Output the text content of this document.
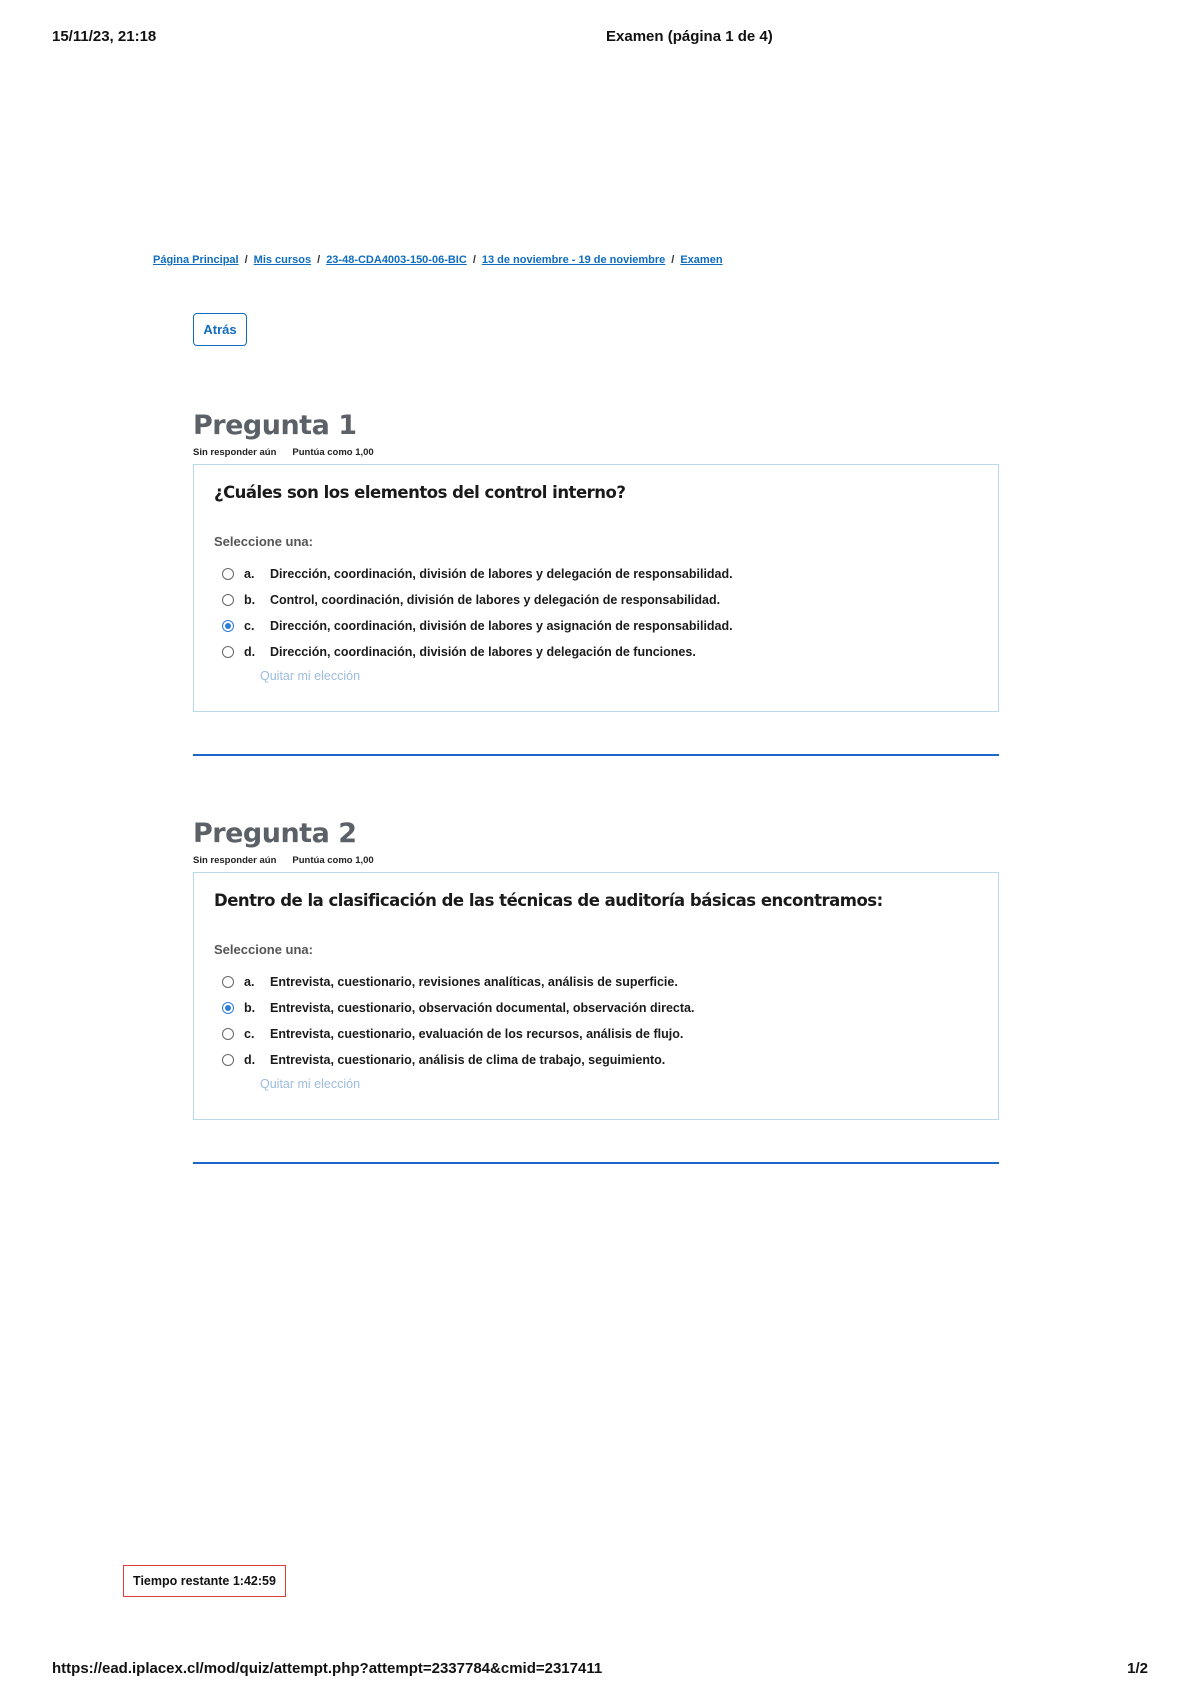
15/11/23, 21:18	Examen (página 1 de 4)
Página Principal / Mis cursos / 23-48-CDA4003-150-06-BIC / 13 de noviembre - 19 de noviembre / Examen
Atrás
Pregunta 1
Sin responder aún Puntúa como 1,00

¿Cuáles son los elementos del control interno?

Seleccione una:
a.	Dirección, coordinación, división de labores y delegación de responsabilidad.
b.	Control, coordinación, división de labores y delegación de responsabilidad.
c.	Dirección, coordinación, división de labores y asignación de responsabilidad.
d.	Dirección, coordinación, división de labores y delegación de funciones.
Quitar mi elección
Pregunta 2
Sin responder aún Puntúa como 1,00

Dentro de la clasificación de las técnicas de auditoría básicas encontramos:

Seleccione una:
a.	Entrevista, cuestionario, revisiones analíticas, análisis de superficie.
b.	Entrevista, cuestionario, observación documental, observación directa.
c.	Entrevista, cuestionario, evaluación de los recursos, análisis de flujo.
d.	Entrevista, cuestionario, análisis de clima de trabajo, seguimiento.
Quitar mi elección
Tiempo restante 1:42:59
https://ead.iplacex.cl/mod/quiz/attempt.php?attempt=2337784&cmid=2317411	1/2
